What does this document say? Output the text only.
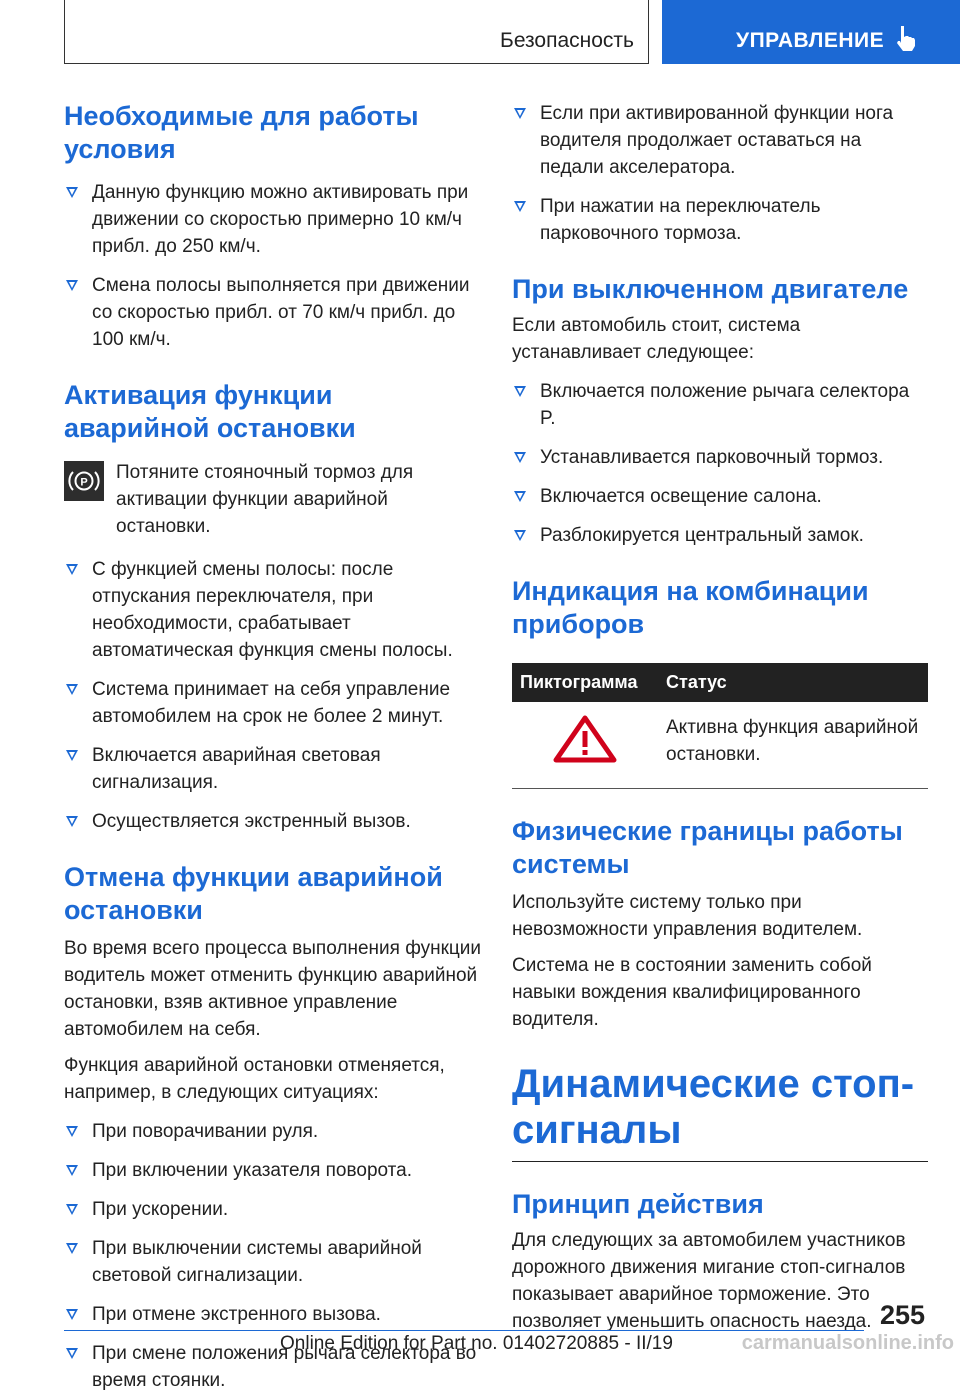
Безопасность	УПРАВЛЕНИЕ
Необходимые для работы условия
Данную функцию можно активировать при движении со скоростью примерно 10 км/ч прибл. до 250 км/ч.
Смена полосы выполняется при движении со скоростью прибл. от 70 км/ч прибл. до 100 км/ч.
Активация функции аварийной остановки
P Потяните стояночный тормоз для активации функции аварийной остановки.

С функцией смены полосы: после отпускания переключателя, при необходимости, срабатывает автоматическая функция смены полосы.
Система принимает на себя управление автомобилем на срок не более 2 минут.
Включается аварийная световая сигнализация.
Осуществляется экстренный вызов.
Отмена функции аварийной остановки

Во время всего процесса выполнения функции водитель может отменить функцию аварийной остановки, взяв активное управление автомобилем на себя.

Функция аварийной остановки отменяется, например, в следующих ситуациях:

При поворачивании руля.
При включении указателя поворота.
При ускорении.
При выключении системы аварийной световой сигнализации.
При отмене экстренного вызова.
При смене положения рычага селектора во время стоянки.
Если при активированной функции нога водителя продолжает оставаться на педали акселератора.
При нажатии на переключатель парковочного тормоза.
При выключенном двигателе

Если автомобиль стоит, система устанавливает следующее:

Включается положение рычага селектора P.
Устанавливается парковочный тормоз.
Включается освещение салона.
Разблокируется центральный замок.
Индикация на комбинации приборов
Пиктограмма	Статус
	Активна функция аварийной остановки.
Физические границы работы системы

Используйте систему только при невозможности управления водителем.

Система не в состоянии заменить собой навыки вождения квалифицированного водителя.

Динамические стоп-сигналы
Принцип действия

Для следующих за автомобилем участников дорожного движения мигание стоп-сигналов показывает аварийное торможение. Это позволяет уменьшить опасность наезда. 255
Online Edition for Part no. 01402720885 - II/19	carmanualsonline.info
